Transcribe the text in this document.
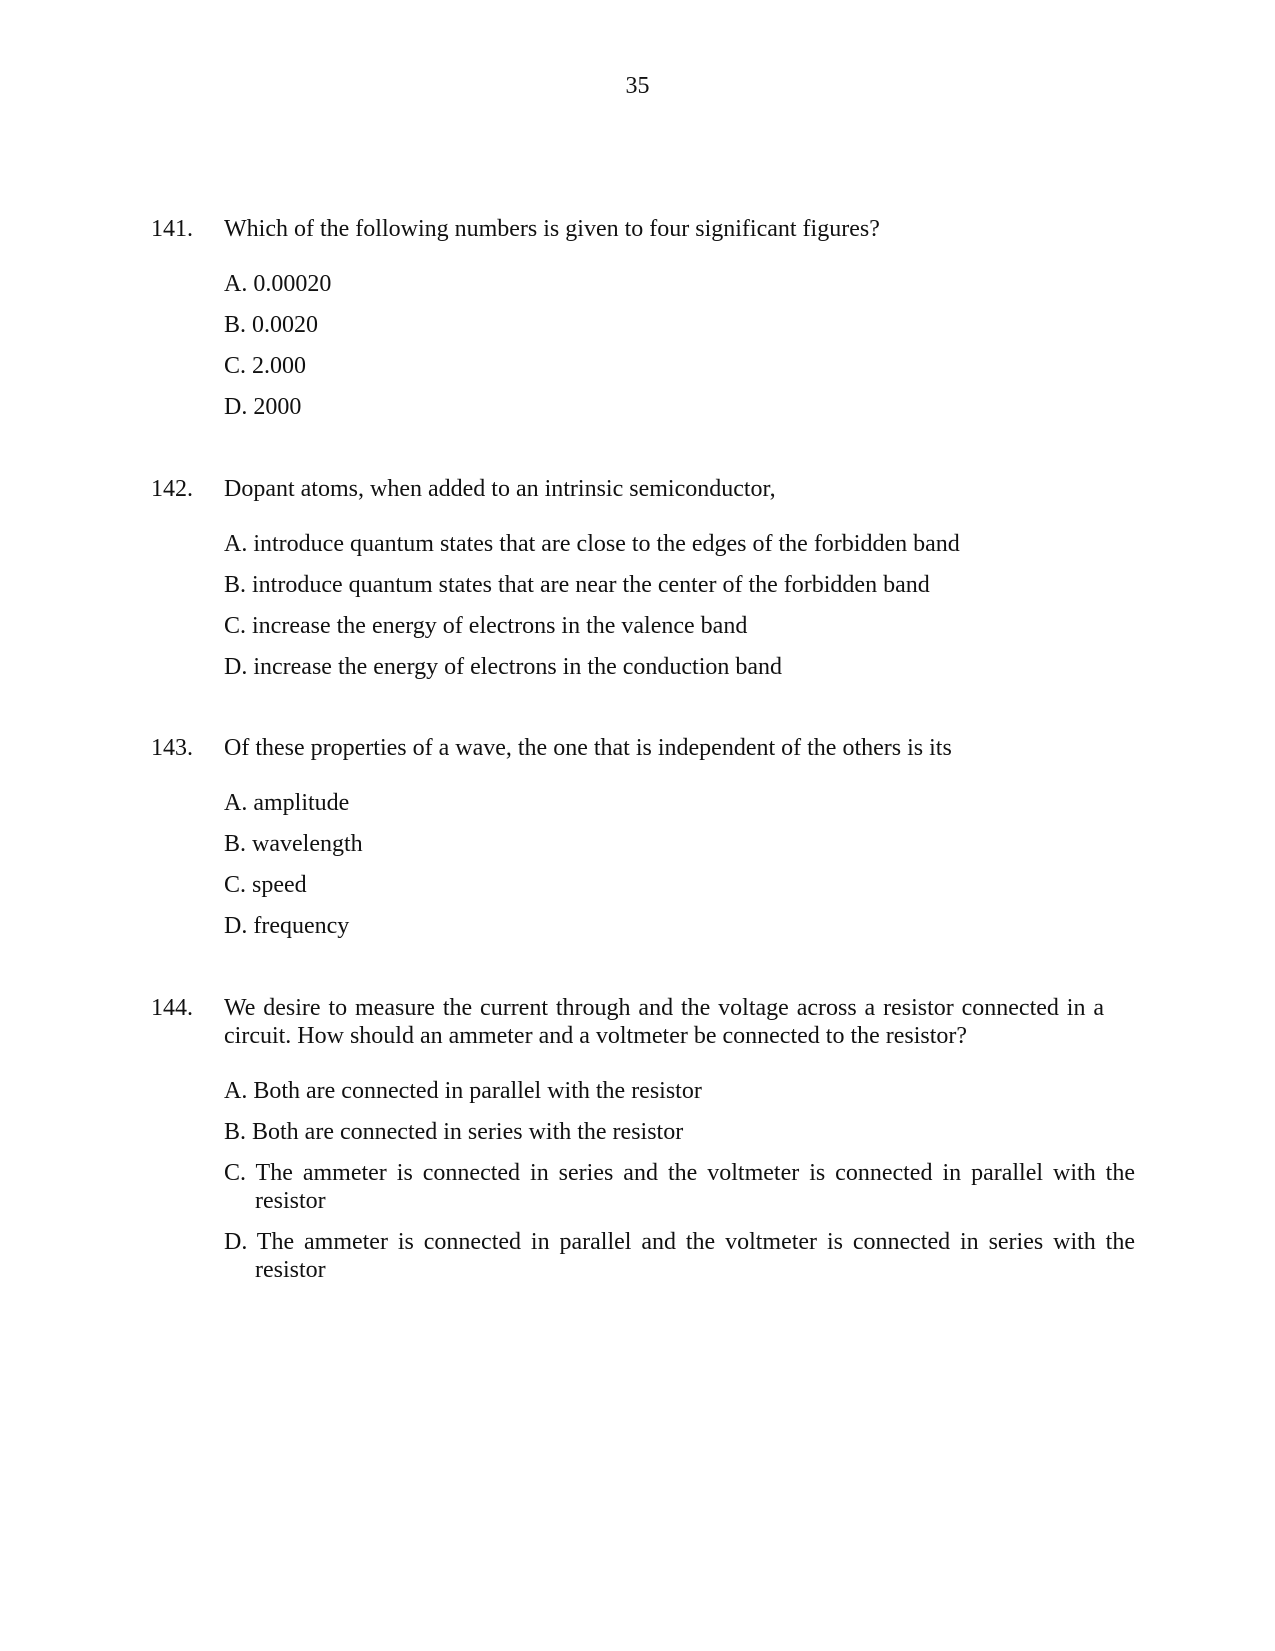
35
141. Which of the following numbers is given to four significant figures?
A. 0.00020
B. 0.0020
C. 2.000
D. 2000
142. Dopant atoms, when added to an intrinsic semiconductor,
A. introduce quantum states that are close to the edges of the forbidden band
B. introduce quantum states that are near the center of the forbidden band
C. increase the energy of electrons in the valence band
D. increase the energy of electrons in the conduction band
143. Of these properties of a wave, the one that is independent of the others is its
A. amplitude
B. wavelength
C. speed
D. frequency
144. We desire to measure the current through and the voltage across a resistor connected in a circuit. How should an ammeter and a voltmeter be connected to the resistor?
A. Both are connected in parallel with the resistor
B. Both are connected in series with the resistor
C. The ammeter is connected in series and the voltmeter is connected in parallel with the resistor
D. The ammeter is connected in parallel and the voltmeter is connected in series with the resistor
